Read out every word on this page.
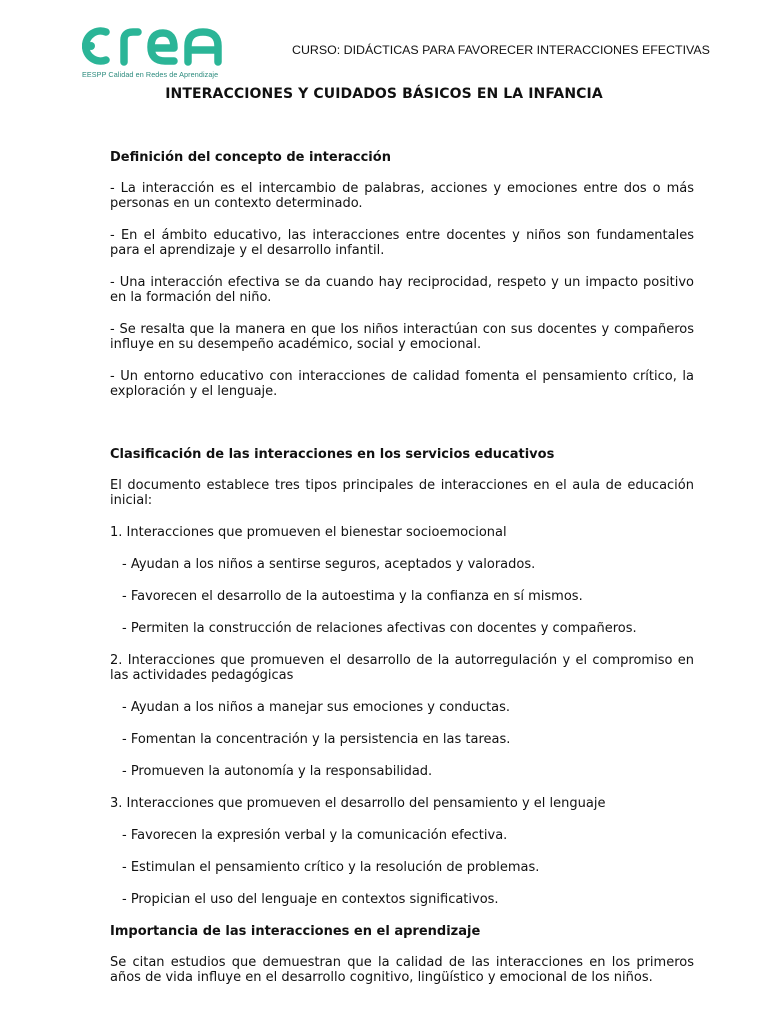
EESPP Calidad en Redes de Aprendizaje
CURSO: DIDÁCTICAS PARA FAVORECER INTERACCIONES EFECTIVAS
INTERACCIONES Y CUIDADOS BÁSICOS EN LA INFANCIA

Definición del concepto de interacción

- La interacción es el intercambio de palabras, acciones y emociones entre dos o más personas en un contexto determinado.

- En el ámbito educativo, las interacciones entre docentes y niños son fundamentales para el aprendizaje y el desarrollo infantil.

- Una interacción efectiva se da cuando hay reciprocidad, respeto y un impacto positivo en la formación del niño.

- Se resalta que la manera en que los niños interactúan con sus docentes y compañeros influye en su desempeño académico, social y emocional.

- Un entorno educativo con interacciones de calidad fomenta el pensamiento crítico, la exploración y el lenguaje.

Clasificación de las interacciones en los servicios educativos

El documento establece tres tipos principales de interacciones en el aula de educación inicial:

1. Interacciones que promueven el bienestar socioemocional

- Ayudan a los niños a sentirse seguros, aceptados y valorados.

- Favorecen el desarrollo de la autoestima y la confianza en sí mismos.

- Permiten la construcción de relaciones afectivas con docentes y compañeros.

2. Interacciones que promueven el desarrollo de la autorregulación y el compromiso en las actividades pedagógicas

- Ayudan a los niños a manejar sus emociones y conductas.

- Fomentan la concentración y la persistencia en las tareas.

- Promueven la autonomía y la responsabilidad.

3. Interacciones que promueven el desarrollo del pensamiento y el lenguaje

- Favorecen la expresión verbal y la comunicación efectiva.

- Estimulan el pensamiento crítico y la resolución de problemas.

- Propician el uso del lenguaje en contextos significativos.

Importancia de las interacciones en el aprendizaje

Se citan estudios que demuestran que la calidad de las interacciones en los primeros años de vida influye en el desarrollo cognitivo, lingüístico y emocional de los niños.
